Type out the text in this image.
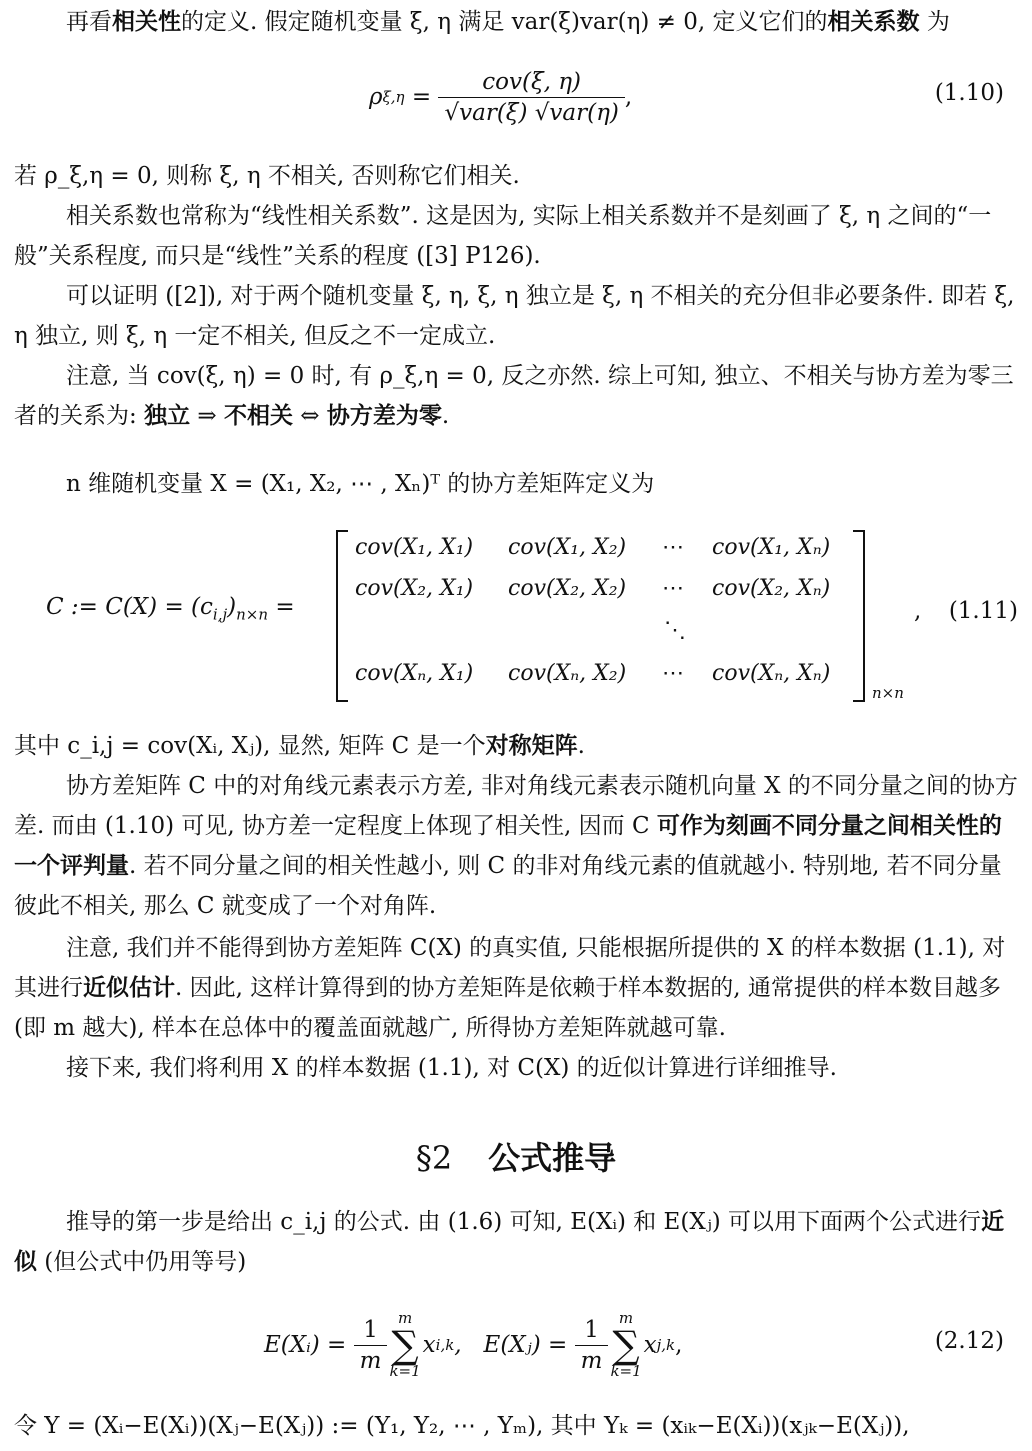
再看相关性的定义. 假定随机变量 ξ, η 满足 var(ξ)var(η) ≠ 0, 定义它们的相关系数 为

ρ $\xi,\eta = \frac{\text{cov(ξ, η)}}{\text{√var(ξ) √var(η)}}$ ,	(1.10)

若 ρ_ξ,η = 0, 则称 ξ, η 不相关, 否则称它们相关.

相关系数也常称为“线性相关系数”. 这是因为, 实际上相关系数并不是刻画了 ξ, η 之间的“一般”关系程度, 而只是“线性”关系的程度 ([3] P126).

可以证明 ([2]), 对于两个随机变量 ξ, η, ξ, η 独立是 ξ, η 不相关的充分但非必要条件. 即若 ξ, η 独立, 则 ξ, η 一定不相关, 但反之不一定成立.

注意, 当 cov(ξ, η) = 0 时, 有 ρ_ξ,η = 0, 反之亦然. 综上可知, 独立、不相关与协方差为零三者的关系为: 独立 ⇒ 不相关 ⇔ 协方差为零.

n 维随机变量 X = (X₁, X₂, ⋯ , Xₙ)ᵀ 的协方差矩阵定义为

C := $C(X) = (c_{i,j})_{n\times n}$ =
cov(X₁, X₁) cov(X₁, X₂) ⋯ cov(X₁, Xₙ)
cov(X₂, X₁) cov(X₂, X₂) ⋯ cov(X₂, Xₙ)
⋱
cov(Xₙ, X₁) cov(Xₙ, X₂) ⋯ cov(Xₙ, Xₙ)
n×n
, (1.11)

其中 c_i,j = cov(Xᵢ, Xⱼ), 显然, 矩阵 C 是一个对称矩阵.

协方差矩阵 C 中的对角线元素表示方差, 非对角线元素表示随机向量 X 的不同分量之间的协方差. 而由 (1.10) 可见, 协方差一定程度上体现了相关性, 因而 C 可作为刻画不同分量之间相关性的一个评判量. 若不同分量之间的相关性越小, 则 C 的非对角线元素的值就越小. 特别地, 若不同分量彼此不相关, 那么 C 就变成了一个对角阵.

注意, 我们并不能得到协方差矩阵 C(X) 的真实值, 只能根据所提供的 X 的样本数据 (1.1), 对其进行近似估计. 因此, 这样计算得到的协方差矩阵是依赖于样本数据的, 通常提供的样本数目越多 (即 m 越大), 样本在总体中的覆盖面就越广, 所得协方差矩阵就越可靠.

接下来, 我们将利用 X 的样本数据 (1.1), 对 C(X) 的近似计算进行详细推导.

§2 公式推导

推导的第一步是给出 c_i,j 的公式. 由 (1.6) 可知, E(Xᵢ) 和 E(Xⱼ) 可以用下面两个公式进行近似 (但公式中仍用等号)

E(Xᵢ) = $\frac{1}{m}$ m
∑
k=1
x i,k ,   E(Xⱼ) = $\frac{1}{m}$ m
∑
k=1
x j,k ,	(2.12)

令 Y = (Xᵢ−E(Xᵢ))(Xⱼ−E(Xⱼ)) := (Y₁, Y₂, ⋯ , Yₘ), 其中 Yₖ = (xᵢₖ−E(Xᵢ))(xⱼₖ−E(Xⱼ)),
